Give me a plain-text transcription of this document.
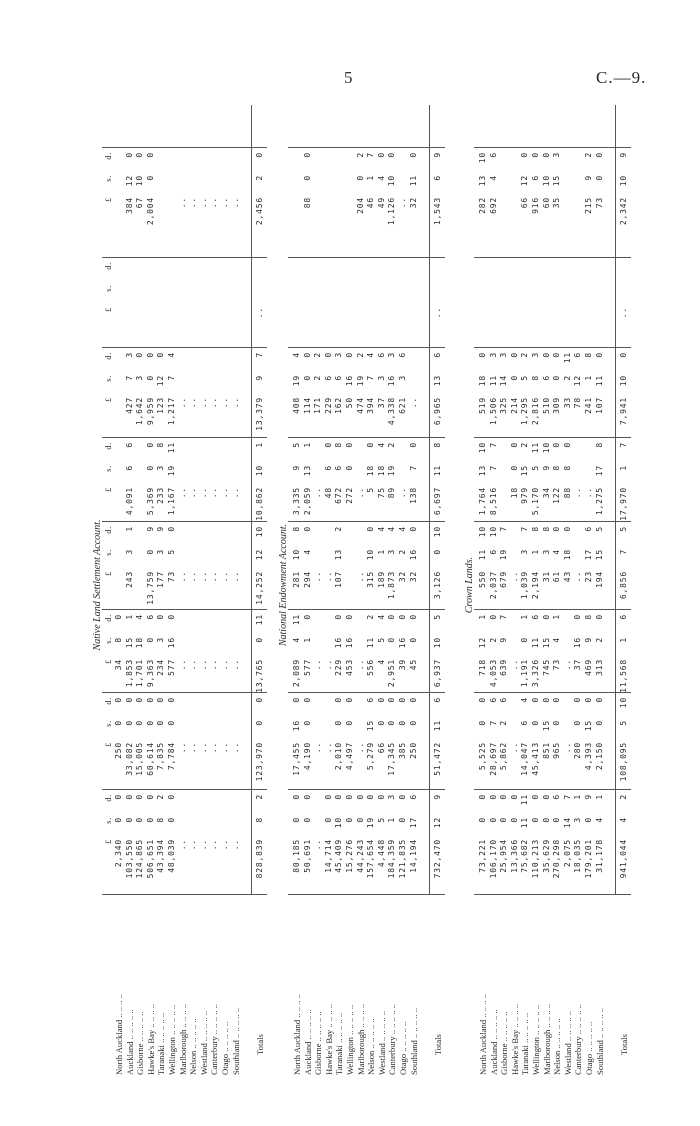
5	C.—9.
Native Land Settlement Account.
£
s.
d.
£
s.
d.
£
s.
d.
£
s.
d.
£
s.
d.
£
s.
d.
£
s.
d.
£
s.
d.
North Auckland .. .. .. ..
2,340
0
0
250
0
0
34
8
0
Auckland .. .. .. .. ..
103,550
0
0
33,082
0
0
1,853
15
1
243
3
1
4,091
6
6
427
7
3
384
12
0
Gisborne .. .. .. .. ..
124,865
0
0
15,005
0
0
1,701
18
4
1,642
3
0
67
10
0
Hawke's Bay .. .. .. ..
506,651
0
0
60,614
0
0
9,363
0
6
13,759
0
9
5,369
0
0
9,959
0
0
2,004
0
0
Taranaki .. .. .. .. ..
43,394
8
2
7,835
0
0
234
3
0
177
3
9
233
3
8
123
12
0
Wellington .. .. .. .. ..
48,039
0
0
7,784
0
0
577
16
0
73
5
0
1,167
19
11
1,217
7
4
Marlborough .. .. .. ..
..
..
..
..
..
..
..
Nelson .. .. .. .. ..
..
..
..
..
..
..
..
Westland .. .. .. .. ..
..
..
..
..
..
..
..
Canterbury .. .. .. .. ..
..
..
..
..
..
..
..
Otago .. .. .. .. ..
..
..
..
..
..
..
..
Southland .. .. .. .. ..
..
..
..
..
..
..
..
Totals
828,839
8
2
123,970
0
0
13,765
0
11
14,252
12
10
10,862
10
1
13,379
9
7
..
2,456
2
0
National Endowment Account.
North Auckland .. .. .. ..
80,185
0
0
17,455
16
0
2,089
4
11
281
10
8
3,335
9
5
408
19
4
Auckland .. .. .. .. ..
50,691
0
0
4,190
0
0
577
1
0
294
4
0
2,059
13
1
114
0
0
88
0
0
Gisborne .. .. .. .. ..
..
..
..
..
..
171
2
2
Hawke's Bay .. .. .. ..
14,714
0
0
..
..
..
48
6
0
229
6
0
Taranaki .. .. .. .. ..
45,409
10
0
2,010
0
0
229
16
0
107
13
2
672
6
8
162
6
3
Wellington .. .. .. .. ..
15,276
0
0
4,497
0
0
453
16
0
272
0
0
50
16
0
Marlborough .. .. .. ..
44,243
0
0
..
..
..
..
474
19
2
204
0
2
Nelson .. .. .. .. ..
157,654
19
0
5,279
15
6
556
11
2
315
10
0
5
18
0
394
7
4
46
1
7
Westland .. .. .. .. ..
4,448
5
0
66
0
0
4
5
4
189
1
4
75
18
4
37
3
6
49
4
0
Canterbury .. .. .. .. ..
184,359
1
3
17,345
0
0
2,951
0
0
1,873
3
4
89
19
2
4,338
16
3
1,126
10
0
Otago .. .. .. .. ..
121,835
0
0
385
0
0
39
16
0
32
2
4
..
621
3
6
..
Southland .. .. .. .. ..
14,194
17
6
250
0
0
45
0
0
32
16
0
138
7
0
..
32
11
0
Totals
732,470
12
9
51,472
11
6
6,937
10
5
3,126
0
10
6,697
11
8
6,965
13
6
..
1,543
6
9
Crown Lands.
North Auckland .. .. .. ..
73,221
0
0
5,525
0
0
718
12
1
550
11
10
1,764
13
10
519
18
0
282
13
10
Auckland .. .. .. .. ..
106,170
0
0
28,697
7
6
4,053
2
0
2,037
6
10
8,516
7
7
1,506
11
3
692
4
6
Gisborne .. .. .. .. ..
25,954
0
0
5,862
2
6
639
9
7
679
19
7
325
14
3
Hawke's Bay .. .. .. ..
13,366
0
0
..
..
..
18
0
0
214
0
0
Taranaki .. .. .. .. ..
75,682
11
11
14,047
6
4
1,191
0
1
1,039
3
7
979
15
2
1,295
5
2
66
12
0
Wellington .. .. .. .. ..
110,213
0
0
45,413
0
0
3,326
11
6
2,194
1
8
5,170
5
11
2,816
8
3
916
6
0
Marlborough .. .. .. ..
35,629
0
0
851
15
0
745
15
0
31
3
8
34
9
10
510
6
0
60
10
0
Nelson .. .. .. .. ..
270,298
0
6
965
0
0
73
4
1
61
4
0
122
8
0
309
0
0
35
15
3
Westland .. .. .. .. ..
2,075
14
7
..
..
43
18
0
88
8
0
33
2
11
Canterbury .. .. .. .. ..
18,035
3
1
280
0
0
37
16
0
..
..
78
12
6
Otago .. .. .. .. ..
179,201
0
9
4,393
15
0
469
9
8
23
17
6
..
241
1
8
215
9
2
Southland .. .. .. .. ..
31,178
4
1
2,150
0
0
313
2
0
194
15
5
1,275
17
8
107
11
0
73
0
0
Totals
941,044
4
2
108,095
5
10
11,568
1
6
6,856
7
5
17,970
1
7
7,941
10
0
..
2,342
10
9
